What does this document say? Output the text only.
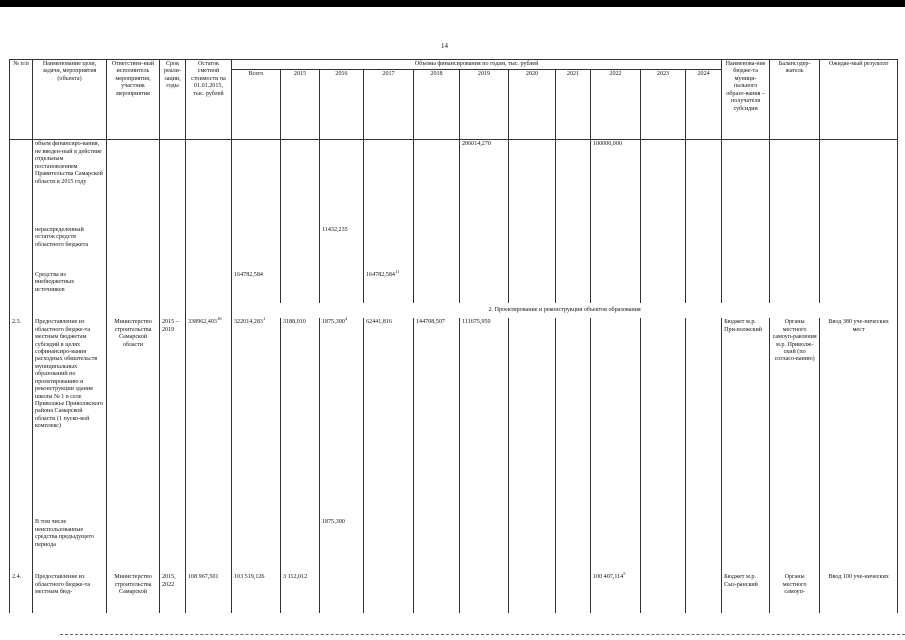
14
№ п/п	Наименование цели, задачи, мероприятия (объекта)	Ответствен-ный исполнитель мероприятия, участник мероприятия	Срок реали-зации, годы	Остаток сметной стоимости на 01.01.2015, тыс. рублей	Объемы финансирования по годам, тыс. рублей											Наименова-ние бюдже-та муници-пального образо-вания – получателя субсидии	Балансодер-жатель	Ожидае-мый результат
					Всего	2015	2016	2017	2018	2019	2020	2021	2022	2023	2024			
	объем финансиро-вания, не введен-ный в действие отдельным постановлением Правительства Самарской области в 2015 году									206014,270			100000,000					
	нераспределенный остаток средств областного бюджета						11432,235											
	Средства из внебюджетных источников				164782,584			164782,584$^{11}$										
					2. Проектирование и реконструкция объектов образования													
2.3.	Предоставление из областного бюдже-та местным бюджетам субсидий в целях софинансиро-вания расходных обязательств муниципальных образований по проектированию и реконструкции здания школы № 1 в селе Приволжье Приволжского района Самарской области (1 пуско-вой комплекс)	Министерство строительства Самарской области	2015 – 2019	338962,403$^{16}$	322014,283$^1$	3188,010	1875,300$^4$	62441,816	144708,507	111675,950						Бюджет м.р. При-волжский	Органы местного самоуп-равления м.р. Приволж-ский (по согласо-ванию)	Ввод 380 уче-нических мест
	В том числе неиспользованные средства предыдущего периода						1875,300											
2.4.	Предоставление из областного бюдже-та местным бюд-	Министерство строительства Самарской	2015, 2022	108 967,501	103 519,126	3 112,012							100 407,114$^5$			Бюджет м.р. Сыз-ранский	Органы местного самоуп-	Ввод 100 уче-нических
